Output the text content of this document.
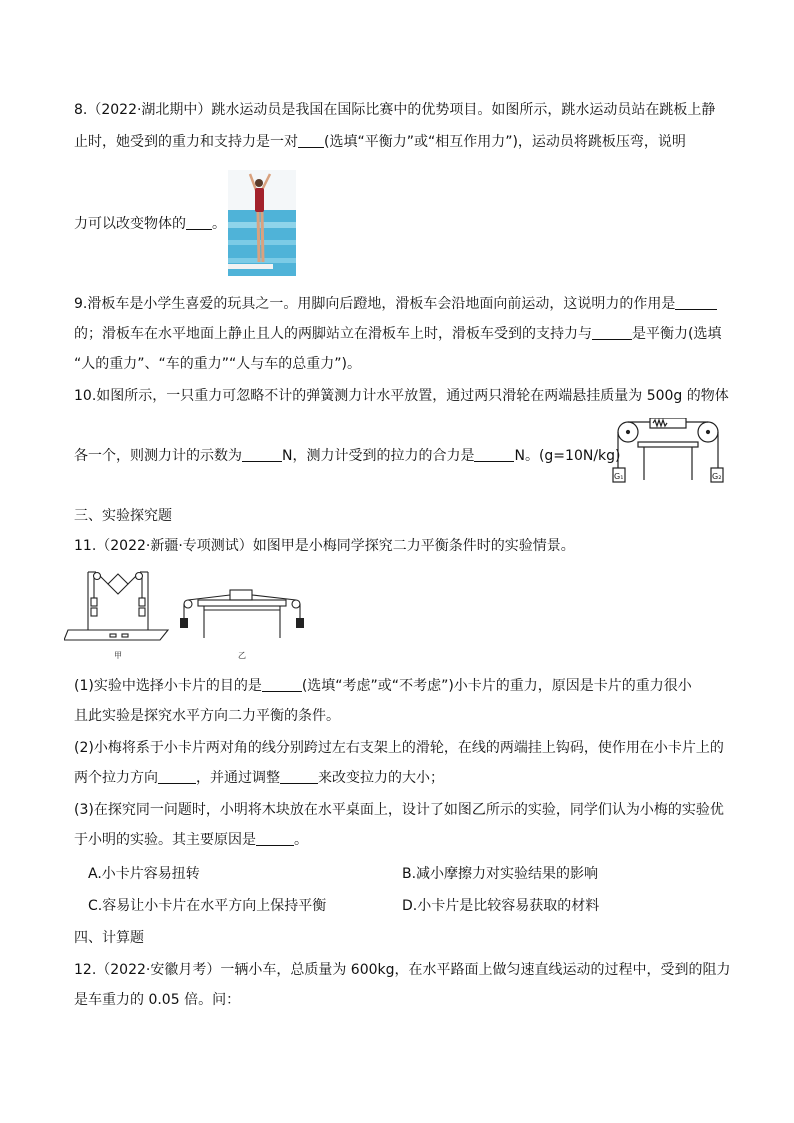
8.（2022·湖北期中）跳水运动员是我国在国际比赛中的优势项目。如图所示，跳水运动员站在跳板上静
止时，她受到的重力和支持力是一对 (选填“平衡力”或“相互作用力”)，运动员将跳板压弯，说明
力可以改变物体的 。
9.滑板车是小学生喜爱的玩具之一。用脚向后蹬地，滑板车会沿地面向前运动，这说明力的作用是
的；滑板车在水平地面上静止且人的两脚站立在滑板车上时，滑板车受到的支持力与	是平衡力(选填
“人的重力”、“车的重力”“人与车的总重力”)。
10.如图所示，一只重力可忽略不计的弹簧测力计水平放置，通过两只滑轮在两端悬挂质量为 500g 的物体
各一个，则测力计的示数为	N，测力计受到的拉力的合力是	N。(g=10N/kg)
G₁	G₂
三、实验探究题
11.（2022·新疆·专项测试）如图甲是小梅同学探究二力平衡条件时的实验情景。
甲	乙
(1)实验中选择小卡片的目的是	(选填“考虑”或“不考虑”)小卡片的重力，原因是卡片的重力很小
且此实验是探究水平方向二力平衡的条件。
(2)小梅将系于小卡片两对角的线分别跨过左右支架上的滑轮，在线的两端挂上钩码，使作用在小卡片上的
两个拉力方向	，并通过调整	来改变拉力的大小；
(3)在探究同一问题时，小明将木块放在水平桌面上，设计了如图乙所示的实验，同学们认为小梅的实验优
于小明的实验。其主要原因是	。
A.小卡片容易扭转	B.减小摩擦力对实验结果的影响
C.容易让小卡片在水平方向上保持平衡	D.小卡片是比较容易获取的材料
四、计算题
12.（2022·安徽月考）一辆小车，总质量为 600kg，在水平路面上做匀速直线运动的过程中，受到的阻力
是车重力的 0.05 倍。问：
